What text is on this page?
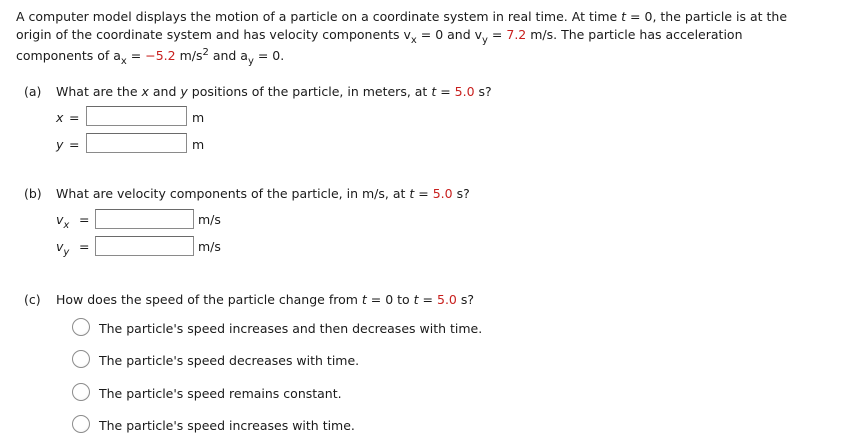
A computer model displays the motion of a particle on a coordinate system in real time. At time t = 0, the particle is at the
origin of the coordinate system and has velocity components $v_x = 0$ and $v_y = 7.2$ m/s. The particle has acceleration
components of $a_x = -5.2$ $m/s^2$ and $a_y = 0$.
(a) What are the x and y positions of the particle, in meters, at t = 5.0 s?
x =	m
y =	m
(b) What are velocity components of the particle, in m/s, at t = 5.0 s?
$v_x$ =	m/s
$v_y$ =	m/s
(c) How does the speed of the particle change from t = 0 to t = 5.0 s?
The particle's speed increases and then decreases with time.
The particle's speed decreases with time.
The particle's speed remains constant.
The particle's speed increases with time.
